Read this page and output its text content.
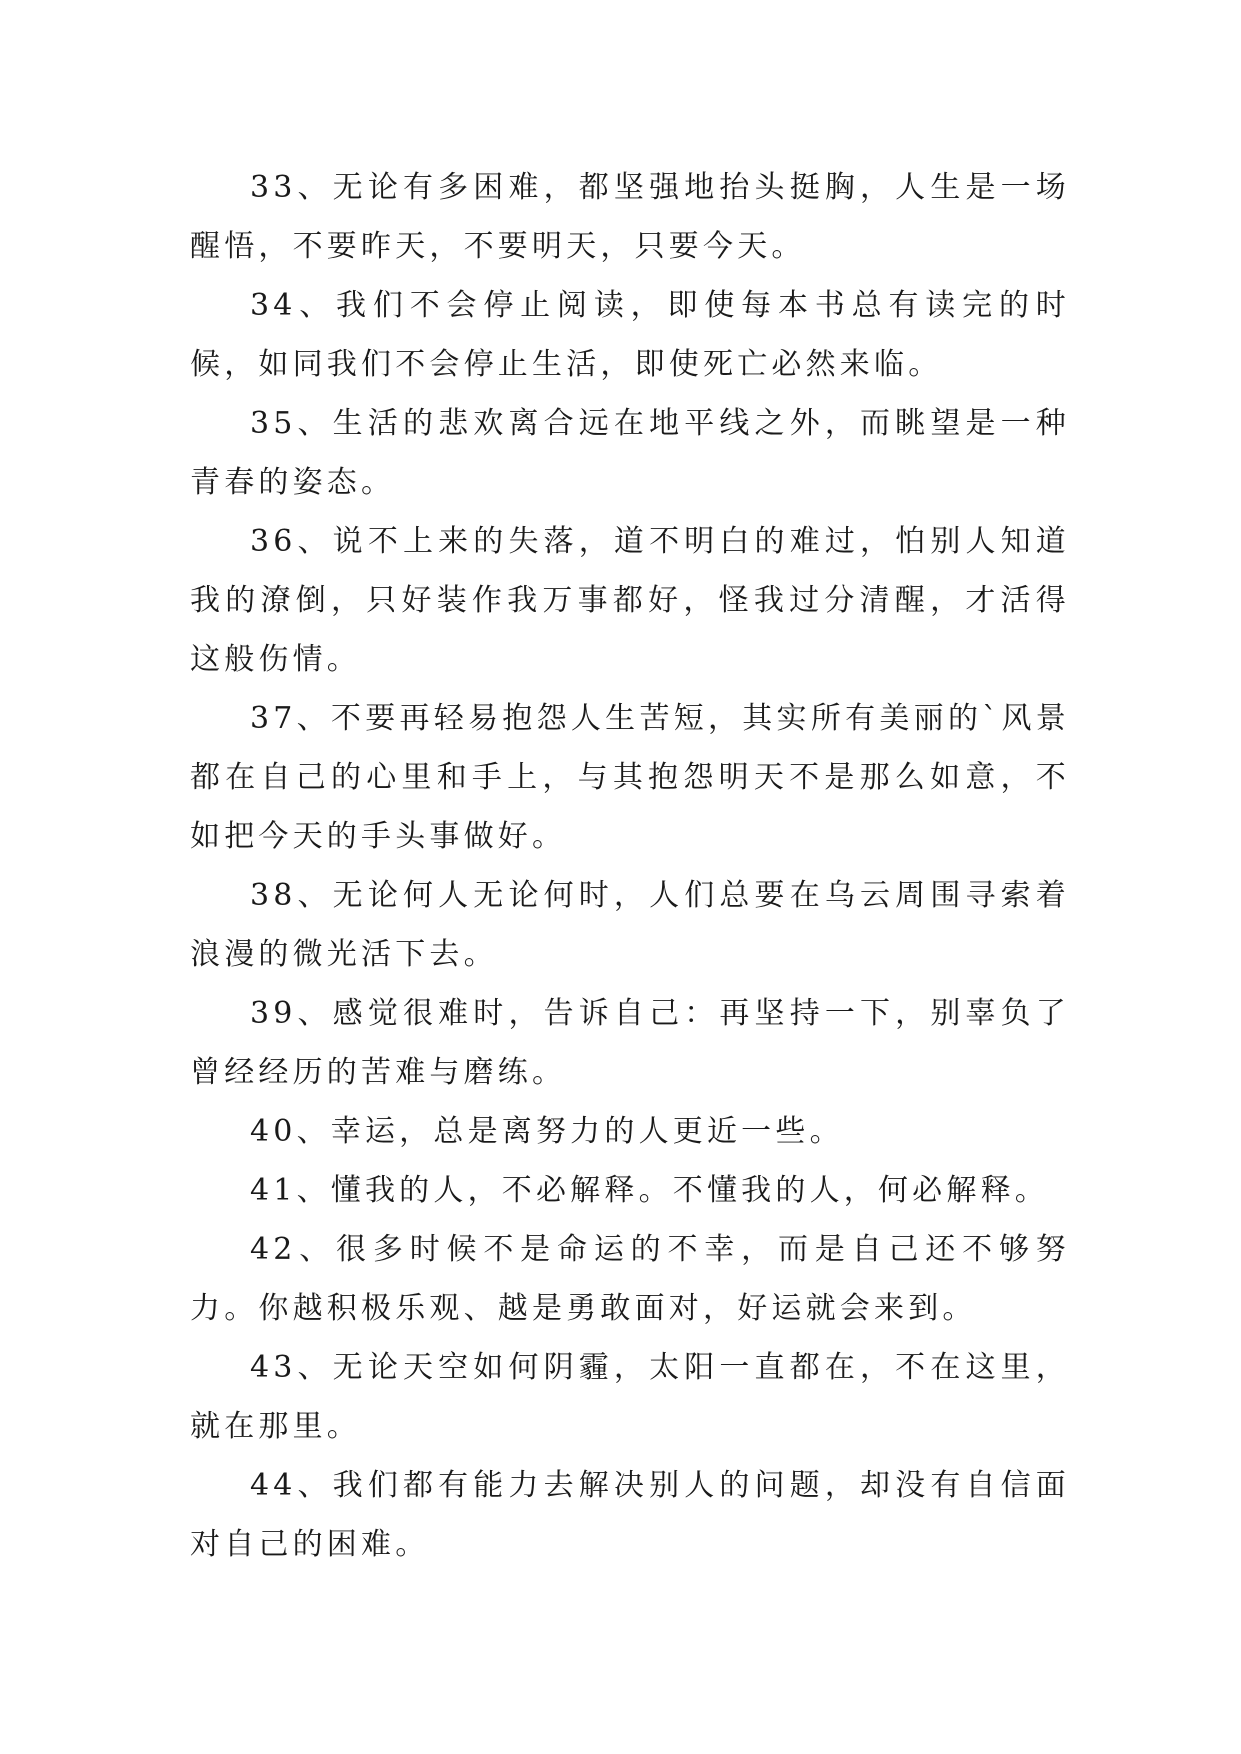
33、无论有多困难，都坚强地抬头挺胸，人生是一场醒悟，不要昨天，不要明天，只要今天。

34、我们不会停止阅读，即使每本书总有读完的时候，如同我们不会停止生活，即使死亡必然来临。

35、生活的悲欢离合远在地平线之外，而眺望是一种青春的姿态。

36、说不上来的失落，道不明白的难过，怕别人知道我的潦倒，只好装作我万事都好，怪我过分清醒，才活得这般伤情。

37、不要再轻易抱怨人生苦短，其实所有美丽的`风景都在自己的心里和手上，与其抱怨明天不是那么如意，不如把今天的手头事做好。

38、无论何人无论何时，人们总要在乌云周围寻索着浪漫的微光活下去。

39、感觉很难时，告诉自己：再坚持一下，别辜负了曾经经历的苦难与磨练。

40、幸运，总是离努力的人更近一些。

41、懂我的人，不必解释。不懂我的人，何必解释。

42、很多时候不是命运的不幸，而是自己还不够努力。你越积极乐观、越是勇敢面对，好运就会来到。

43、无论天空如何阴霾，太阳一直都在，不在这里，就在那里。

44、我们都有能力去解决别人的问题，却没有自信面对自己的困难。
